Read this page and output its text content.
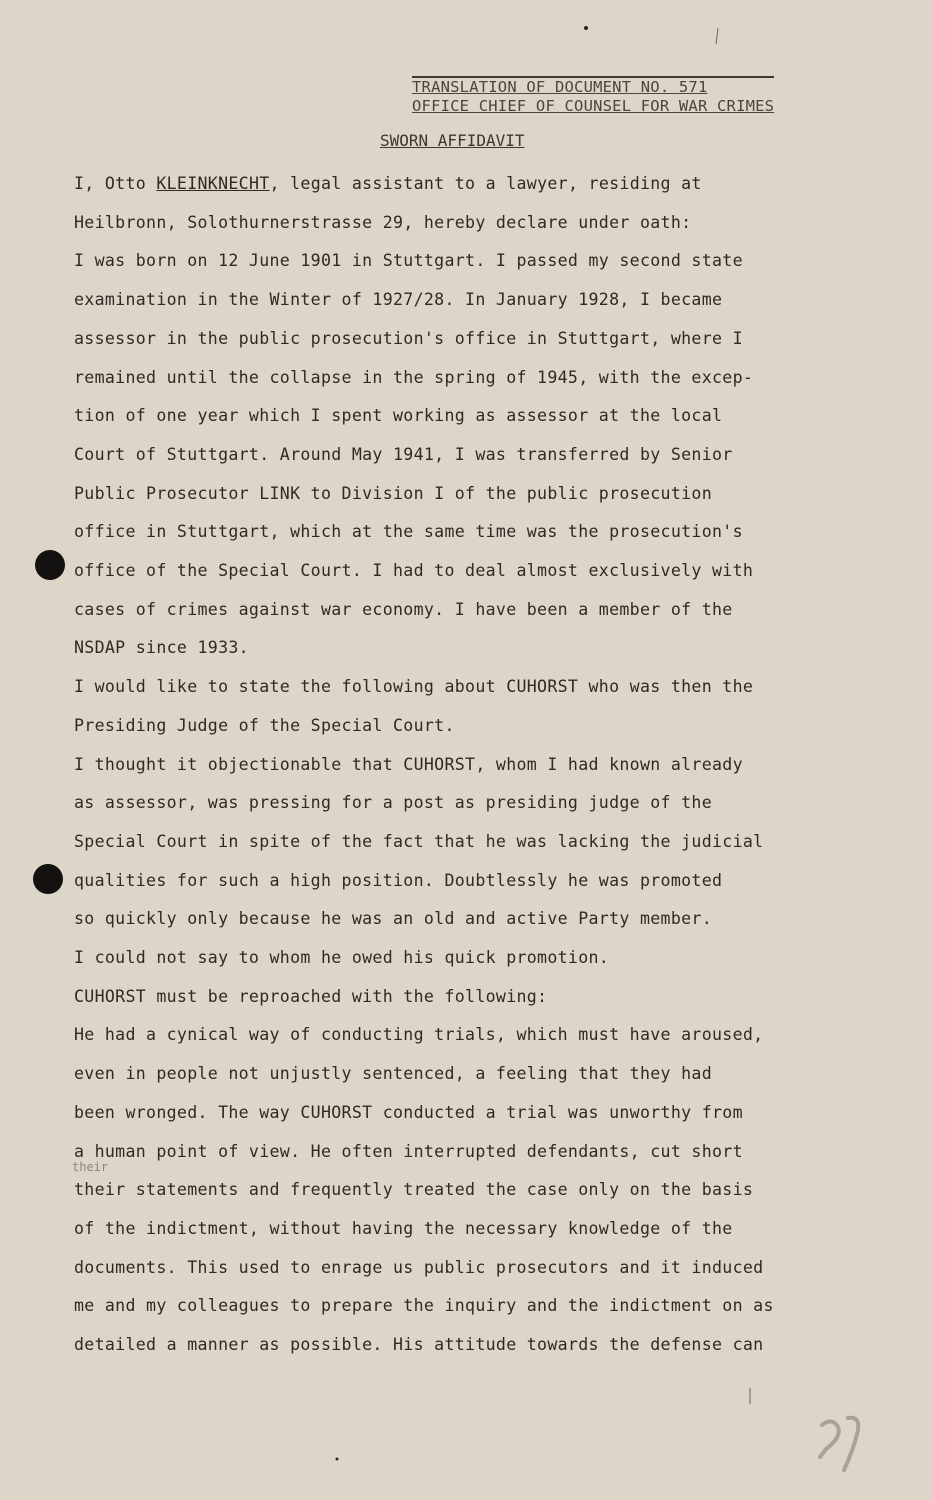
TRANSLATION OF DOCUMENT NO. 571
OFFICE CHIEF OF COUNSEL FOR WAR CRIMES
SWORN AFFIDAVIT
I, Otto KLEINKNECHT, legal assistant to a lawyer, residing at
Heilbronn, Solothurnerstrasse 29, hereby declare under oath:
I was born on 12 June 1901 in Stuttgart. I passed my second state
examination in the Winter of 1927/28. In January 1928, I became
assessor in the public prosecution's office in Stuttgart, where I
remained until the collapse in the spring of 1945, with the excep-
tion of one year which I spent working as assessor at the local
Court of Stuttgart. Around May 1941, I was transferred by Senior
Public Prosecutor LINK to Division I of the public prosecution
office in Stuttgart, which at the same time was the prosecution's
office of the Special Court. I had to deal almost exclusively with
cases of crimes against war economy. I have been a member of the
NSDAP since 1933.
I would like to state the following about CUHORST who was then the
Presiding Judge of the Special Court.
I thought it objectionable that CUHORST, whom I had known already
as assessor, was pressing for a post as presiding judge of the
Special Court in spite of the fact that he was lacking the judicial
qualities for such a high position. Doubtlessly he was promoted
so quickly only because he was an old and active Party member.
I could not say to whom he owed his quick promotion.
CUHORST must be reproached with the following:
He had a cynical way of conducting trials, which must have aroused,
even in people not unjustly sentenced, a feeling that they had
been wronged. The way CUHORST conducted a trial was unworthy from
a human point of view. He often interrupted defendants, cut short
their statements and frequently treated the case only on the basis
of the indictment, without having the necessary knowledge of the
documents. This used to enrage us public prosecutors and it induced
me and my colleagues to prepare the inquiry and the indictment on as
detailed a manner as possible. His attitude towards the defense can
their
